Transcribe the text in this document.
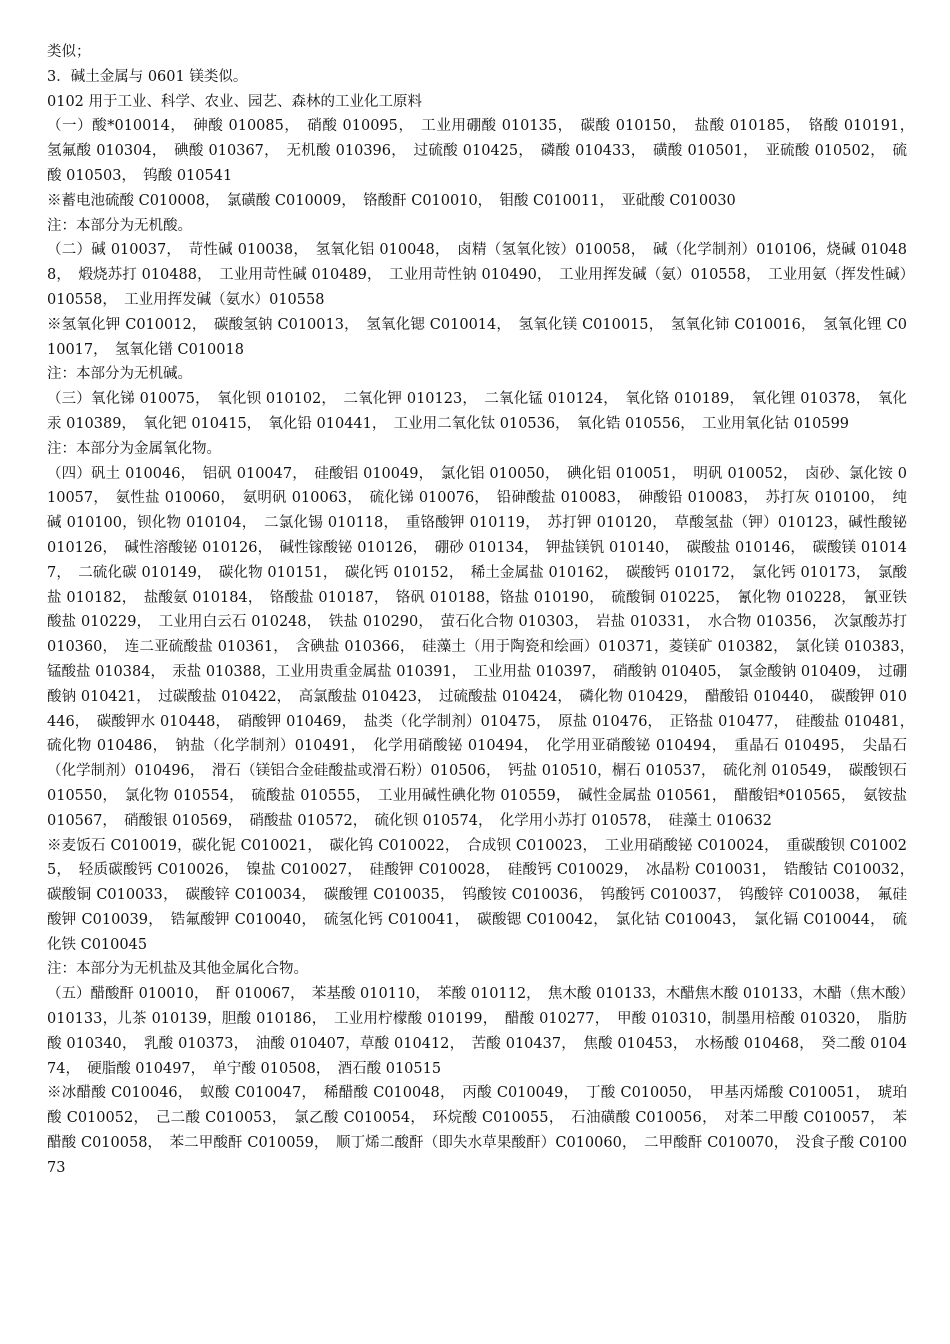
类似；

3．碱土金属与 0601 镁类似。

0102 用于工业、科学、农业、园艺、森林的工业化工原料

（一）酸*010014，　砷酸 010085，　硝酸 010095，　工业用硼酸 010135，　碳酸 010150，　盐酸 010185，　铬酸 010191，　氢氟酸 010304，　碘酸 010367，　无机酸 010396，　过硫酸 010425，　磷酸 010433，　磺酸 010501，　亚硫酸 010502，　硫酸 010503，　钨酸 010541

※蓄电池硫酸 C010008，　氯磺酸 C010009，　铬酸酐 C010010，　钼酸 C010011，　亚砒酸 C010030

注：本部分为无机酸。

（二）碱 010037，　苛性碱 010038，　氢氧化铝 010048，　卤精（氢氧化铵）010058，　碱（化学制剂）010106，烧碱 010488，　煅烧苏打 010488，　工业用苛性碱 010489，　工业用苛性钠 010490，　工业用挥发碱（氨）010558，　工业用氨（挥发性碱）010558，　工业用挥发碱（氨水）010558

※氢氧化钾 C010012，　碳酸氢钠 C010013，　氢氧化锶 C010014，　氢氧化镁 C010015，　氢氧化铈 C010016，　氢氧化锂 C010017，　氢氧化镨 C010018

注：本部分为无机碱。

（三）氧化锑 010075，　氧化钡 010102，　二氧化钾 010123，　二氧化锰 010124，　氧化铬 010189，　氧化锂 010378，　氧化汞 010389，　氧化钯 010415，　氧化铅 010441，　工业用二氧化钛 010536，　氧化锆 010556，　工业用氧化钴 010599

注：本部分为金属氧化物。

（四）矾土 010046，　铝矾 010047，　硅酸铝 010049，　氯化铝 010050，　碘化铝 010051，　明矾 010052，　卤砂、氯化铵 010057，　氨性盐 010060，　氨明矾 010063，　硫化锑 010076，　铅砷酸盐 010083，　砷酸铅 010083，　苏打灰 010100，　纯碱 010100，钡化物 010104，　二氯化锡 010118，　重铬酸钾 010119，　苏打钾 010120，　草酸氢盐（钾）010123，碱性酸铋 010126，　碱性溶酸铋 010126，　碱性镓酸铋 010126，　硼砂 010134，　钾盐镁钒 010140，　碳酸盐 010146，　碳酸镁 010147，　二硫化碳 010149，　碳化物 010151，　碳化钙 010152，　稀土金属盐 010162，　碳酸钙 010172，　氯化钙 010173，　氯酸盐 010182，　盐酸氨 010184，　铬酸盐 010187，　铬矾 010188，铬盐 010190，　硫酸铜 010225，　氰化物 010228，　氰亚铁酸盐 010229，　工业用白云石 010248，　铁盐 010290，　萤石化合物 010303，　岩盐 010331，　水合物 010356，　次氯酸苏打 010360，　连二亚硫酸盐 010361，　含碘盐 010366，　硅藻土（用于陶瓷和绘画）010371，菱镁矿 010382，　氯化镁 010383，　锰酸盐 010384，　汞盐 010388，工业用贵重金属盐 010391，　工业用盐 010397，　硝酸钠 010405，　氯金酸钠 010409，　过硼酸钠 010421，　过碳酸盐 010422，　高氯酸盐 010423，　过硫酸盐 010424，　磷化物 010429，　醋酸铅 010440，　碳酸钾 010446，　碳酸钾水 010448，　硝酸钾 010469，　盐类（化学制剂）010475，　原盐 010476，　正铬盐 010477，　硅酸盐 010481，　硫化物 010486，　钠盐（化学制剂）010491，　化学用硝酸铋 010494，　化学用亚硝酸铋 010494，　重晶石 010495，　尖晶石（化学制剂）010496，　滑石（镁铝合金硅酸盐或滑石粉）010506，　钙盐 010510，榍石 010537，　硫化剂 010549，　碳酸钡石 010550，　氯化物 010554，　硫酸盐 010555，　工业用碱性碘化物 010559，　碱性金属盐 010561，　醋酸铝*010565，　氨铵盐 010567，　硝酸银 010569，　硝酸盐 010572，　硫化钡 010574，　化学用小苏打 010578，　硅藻土 010632

※麦饭石 C010019，碳化铌 C010021，　碳化钨 C010022，　合成钡 C010023，　工业用硝酸铋 C010024，　重碳酸钡 C010025，　轻质碳酸钙 C010026，　镍盐 C010027，　硅酸钾 C010028，　硅酸钙 C010029，　冰晶粉 C010031，　锆酸钴 C010032，　碳酸铜 C010033，　碳酸锌 C010034，　碳酸锂 C010035，　钨酸铵 C010036，　钨酸钙 C010037，　钨酸锌 C010038，　氟硅酸钾 C010039，　锆氟酸钾 C010040，　硫氢化钙 C010041，　碳酸锶 C010042，　氯化钴 C010043，　氯化镉 C010044，　硫化铁 C010045

注：本部分为无机盐及其他金属化合物。

（五）醋酸酐 010010，　酐 010067，　苯基酸 010110，　苯酸 010112，　焦木酸 010133，木醋焦木酸 010133，木醋（焦木酸）010133，儿茶 010139，胆酸 010186，　工业用柠檬酸 010199，　醋酸 010277，　甲酸 010310，制墨用棓酸 010320，　脂肪酸 010340，　乳酸 010373，　油酸 010407，草酸 010412，　苦酸 010437，　焦酸 010453，　水杨酸 010468，　癸二酸 010474，　硬脂酸 010497，　单宁酸 010508，　酒石酸 010515

※冰醋酸 C010046，　蚁酸 C010047，　稀醋酸 C010048，　丙酸 C010049，　丁酸 C010050，　甲基丙烯酸 C010051，　琥珀酸 C010052，　己二酸 C010053，　氯乙酸 C010054，　环烷酸 C010055，　石油磺酸 C010056，　对苯二甲酸 C010057，　苯醋酸 C010058，　苯二甲酸酐 C010059，　顺丁烯二酸酐（即失水草果酸酐）C010060，　二甲酸酐 C010070，　没食子酸 C010073
